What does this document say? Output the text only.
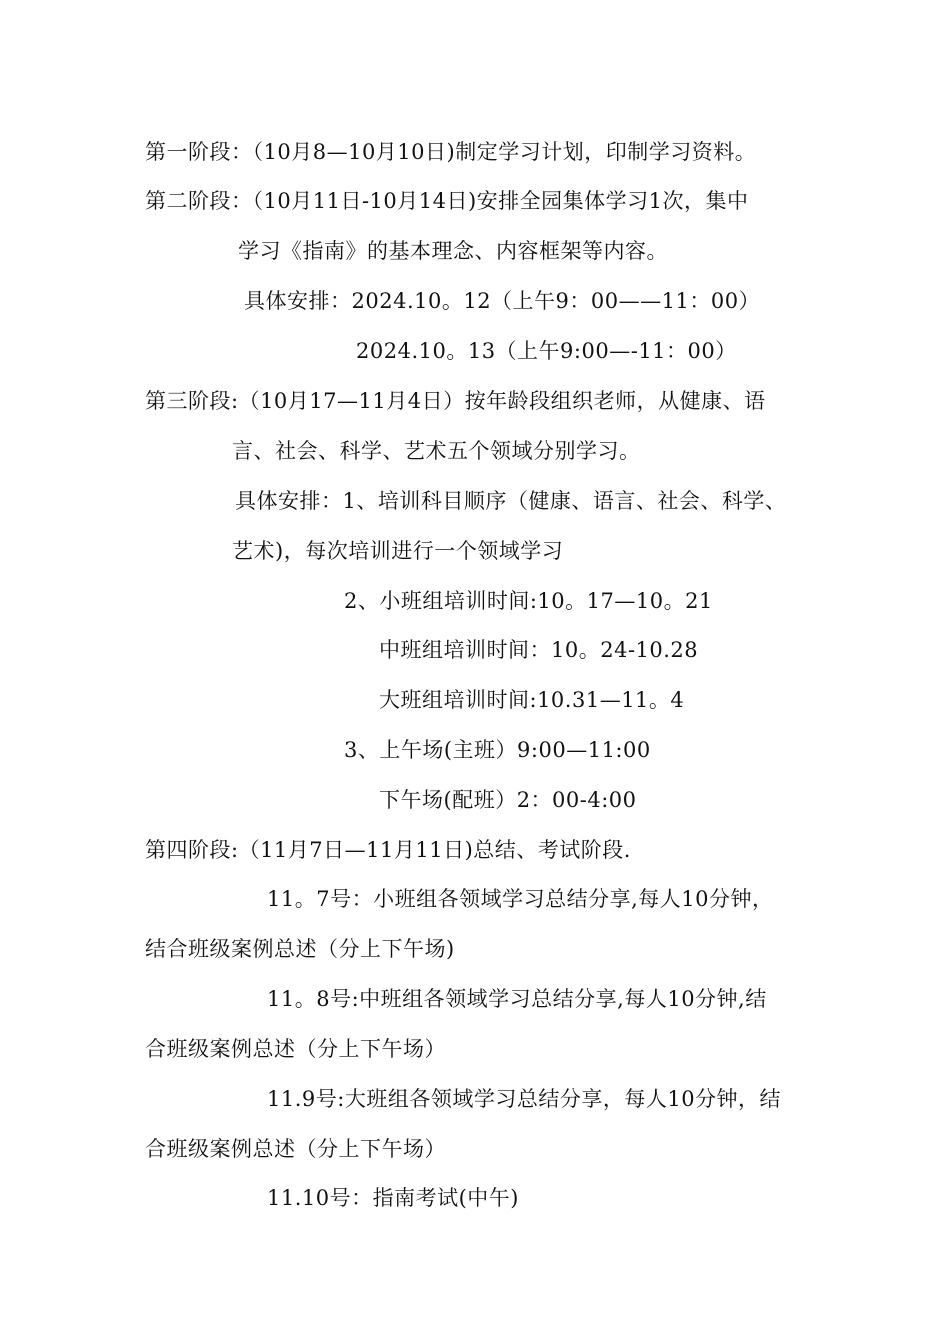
第一阶段：（10月8—10月10日)制定学习计划，印制学习资料。

第二阶段：（10月11日-10月14日)安排全园集体学习1次，集中

学习《指南》的基本理念、内容框架等内容。

具体安排：2024.10。12（上午9：00——11：00）

2024.10。13（上午9:00—-11：00）

第三阶段:（10月17—11月4日）按年龄段组织老师，从健康、语

言、社会、科学、艺术五个领域分别学习。

具体安排：1、培训科目顺序（健康、语言、社会、科学、

艺术)，每次培训进行一个领域学习

2、小班组培训时间:10。17—10。21

中班组培训时间：10。24-10.28

大班组培训时间:10.31—11。4

3、上午场(主班）9:00—11:00

下午场(配班）2：00-4:00

第四阶段:（11月7日—11月11日)总结、考试阶段.

11。7号：小班组各领域学习总结分享,每人10分钟，

结合班级案例总述（分上下午场)

11。8号:中班组各领域学习总结分享,每人10分钟,结

合班级案例总述（分上下午场）

11.9号:大班组各领域学习总结分享，每人10分钟，结

合班级案例总述（分上下午场）

11.10号：指南考试(中午)
